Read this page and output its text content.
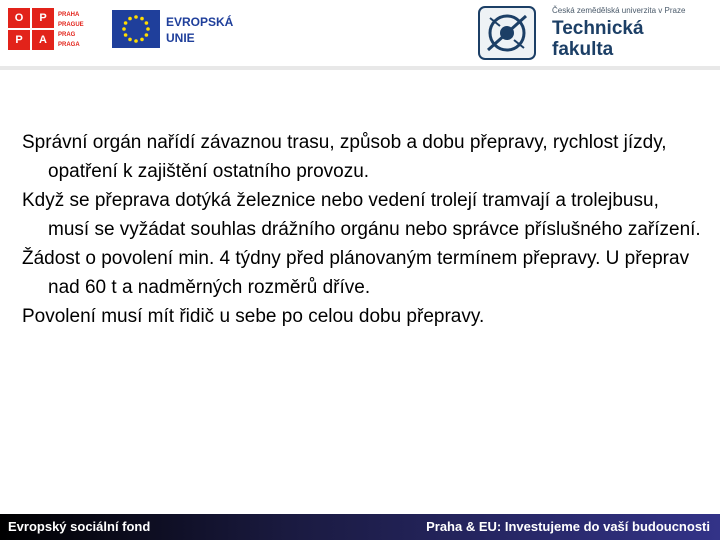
O	P
P	A
PRAHA
PRAGUE
PRAG
PRAGA
EVROPSKÁ
UNIE
Česká zemědělská univerzita v Praze
Technická
fakulta

Správní orgán nařídí závaznou trasu, způsob a dobu přepravy, rychlost jízdy, opatření k zajištění ostatního provozu.

Když se přeprava dotýká železnice nebo vedení trolejí tramvají a trolejbusu, musí se vyžádat souhlas drážního orgánu nebo správce příslušného zařízení.

Žádost o povolení min. 4 týdny před plánovaným termínem přepravy. U přeprav nad 60 t a nadměrných rozměrů dříve.

Povolení musí mít řidič u sebe po celou dobu přepravy.

Evropský sociální fond	Praha & EU: Investujeme do vaší budoucnosti
